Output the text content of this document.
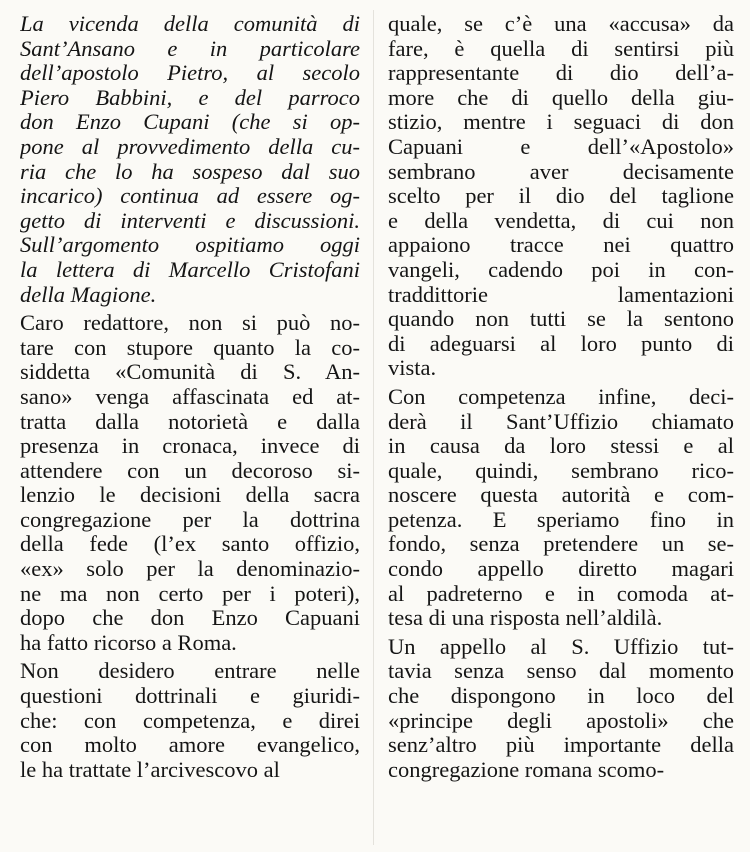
La vicenda della comunità di
Sant’Ansano e in particolare
dell’apostolo Pietro, al secolo
Piero Babbini, e del parroco
don Enzo Cupani (che si op-
pone al provvedimento della cu-
ria che lo ha sospeso dal suo
incarico) continua ad essere og-
getto di interventi e discussioni.
Sull’argomento ospitiamo oggi
la lettera di Marcello Cristofani
della Magione.
Caro redattore, non si può no-
tare con stupore quanto la co-
siddetta «Comunità di S. An-
sano» venga affascinata ed at-
tratta dalla notorietà e dalla
presenza in cronaca, invece di
attendere con un decoroso si-
lenzio le decisioni della sacra
congregazione per la dottrina
della fede (l’ex santo offizio,
«ex» solo per la denominazio-
ne ma non certo per i poteri),
dopo che don Enzo Capuani
ha fatto ricorso a Roma.
Non desidero entrare nelle
questioni dottrinali e giuridi-
che: con competenza, e direi
con molto amore evangelico,
le ha trattate l’arcivescovo al
quale, se c’è una «accusa» da
fare, è quella di sentirsi più
rappresentante di dio dell’a-
more che di quello della giu-
stizio, mentre i seguaci di don
Capuani e dell’«Apostolo»
sembrano aver decisamente
scelto per il dio del taglione
e della vendetta, di cui non
appaiono tracce nei quattro
vangeli, cadendo poi in con-
traddittorie lamentazioni
quando non tutti se la sentono
di adeguarsi al loro punto di
vista.
Con competenza infine, deci-
derà il Sant’Uffizio chiamato
in causa da loro stessi e al
quale, quindi, sembrano rico-
noscere questa autorità e com-
petenza. E speriamo fino in
fondo, senza pretendere un se-
condo appello diretto magari
al padreterno e in comoda at-
tesa di una risposta nell’aldilà.
Un appello al S. Uffizio tut-
tavia senza senso dal momento
che dispongono in loco del
«principe degli apostoli» che
senz’altro più importante della
congregazione romana scomo-
